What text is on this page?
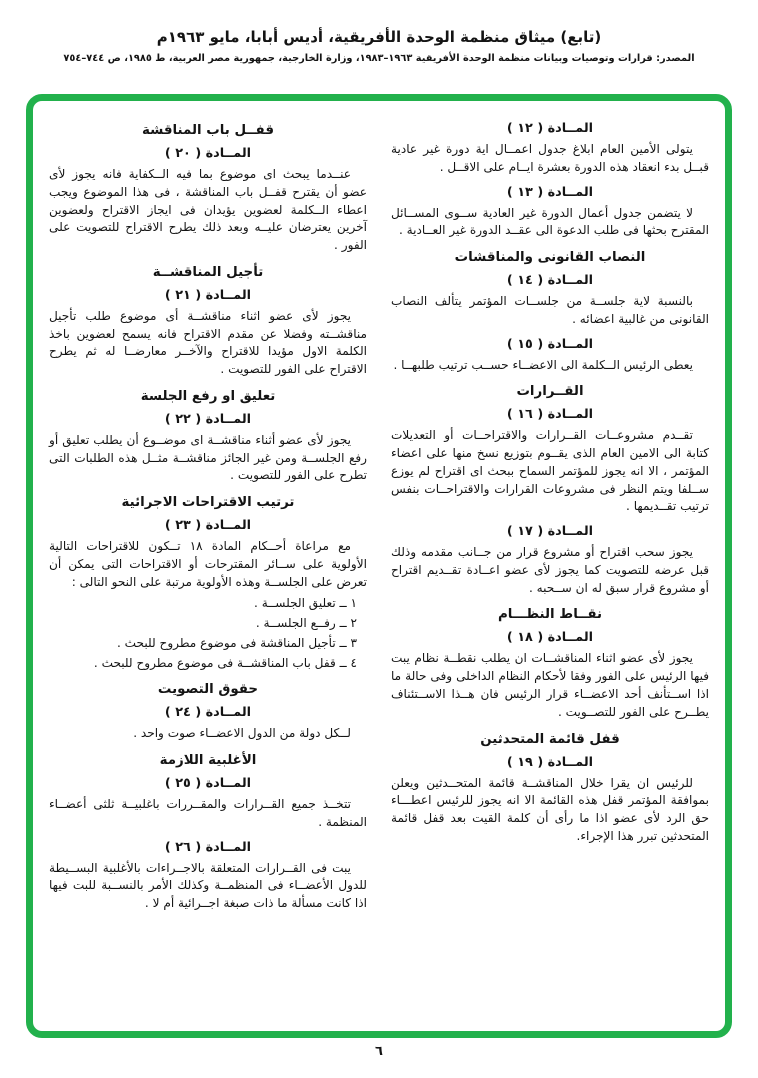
(تابع) ميثاق منظمة الوحدة الأفريقية، أديس أبابا، مايو ١٩٦٣م
المصدر: قرارات وتوصيات وبيانات منظمة الوحدة الأفريقية ١٩٦٣–١٩٨٣، وزارة الخارجية، جمهورية مصر العربية، ط ١٩٨٥، ص ٧٤٤–٧٥٤
المــادة ( ١٢ )
يتولى الأمين العام ابلاغ جدول اعمــال اية دورة غير عادية قبــل بدء انعقاد هذه الدورة بعشرة ايــام على الاقــل .
المــادة ( ١٣ )
لا يتضمن جدول أعمال الدورة غير العادية ســوى المســائل المقترح بحثها فى طلب الدعوة الى عقــد الدورة غير العــادية .
النصاب القانونى والمناقشات
المــادة ( ١٤ )
بالنسبة لاية جلســة من جلســات المؤتمر يتألف النصاب القانونى من غالبية اعضائه .
المــادة ( ١٥ )
يعطى الرئيس الــكلمة الى الاعضــاء حســب ترتيب طلبهــا .
القــرارات
المــادة ( ١٦ )
تقــدم مشروعــات القــرارات والاقتراحــات أو التعديلات كتابة الى الامين العام الذى يقــوم بتوزيع نسخ منها على اعضاء المؤتمر ، الا انه يجوز للمؤتمر السماح ببحث اى اقتراح لم يوزع ســلفا ويتم النظر فى مشروعات القرارات والاقتراحــات بنفس ترتيب تقــديمها .
المــادة ( ١٧ )
يجوز سحب اقتراح أو مشروع قرار من جــانب مقدمه وذلك قبل عرضه للتصويت كما يجوز لأى عضو اعــادة تقــديم اقتراح أو مشروع قرار سبق له ان ســحبه .
نقــاط النظـــام
المــادة ( ١٨ )
يجوز لأى عضو اثناء المناقشــات ان يطلب نقطــة نظام يبت فيها الرئيس على الفور وفقا لأحكام النظام الداخلى وفى حالة ما اذا اســتأنف أحد الاعضــاء قرار الرئيس فان هــذا الاســتئناف يطــرح على الفور للتصــويت .
قفل قائمة المتحدثين
المــادة ( ١٩ )
للرئيس ان يقرا خلال المناقشــة قائمة المتحــدثين ويعلن بموافقة المؤتمر قفل هذه القائمة الا انه يجوز للرئيس اعطـــاء حق الرد لأى عضو اذا ما رأى أن كلمة القيت بعد قفل قائمة المتحدثين تبرر هذا الإجراء.
قفــل باب المناقشة
المــادة ( ٢٠ )
عنــدما يبحث اى موضوع بما فيه الــكفاية فانه يجوز لأى عضو أن يقترح قفــل باب المناقشة ، فى هذا الموضوع ويجب اعطاء الــكلمة لعضوين يؤيدان فى ايجاز الاقتراح ولعضوين آخرين يعترضان عليــه وبعد ذلك يطرح الاقتراح للتصويت على الفور .
تأجيل المناقشــة
المــادة ( ٢١ )
يجوز لأى عضو اثناء مناقشــة أى موضوع طلب تأجيل مناقشــته وفضلا عن مقدم الاقتراح فانه يسمح لعضوين باخذ الكلمة الاول مؤيدا للاقتراح والآخــر معارضــا له ثم يطرح الاقتراح على الفور للتصويت .
تعليق او رفع الجلسة
المــادة ( ٢٢ )
يجوز لأى عضو أثناء مناقشــة اى موضــوع أن يطلب تعليق أو رفع الجلســة ومن غير الجائز مناقشــة مثــل هذه الطلبات التى تطرح على الفور للتصويت .
ترتيب الاقتراحات الاجرائية
المــادة ( ٢٣ )
مع مراعاة أحــكام المادة ١٨ تــكون للاقتراحات التالية الأولوية على ســائر المقترحات أو الاقتراحات التى يمكن أن تعرض على الجلســة وهذه الأولوية مرتبة على النحو التالى :
١ ــ تعليق الجلســة .
٢ ــ رفــع الجلســة .
٣ ــ تأجيل المناقشة فى موضوع مطروح للبحث .
٤ ــ قفل باب المناقشــة فى موضوع مطروح للبحث .
حقوق التصويت
المــادة ( ٢٤ )
لــكل دولة من الدول الاعضــاء صوت واحد .
الأغلبية اللازمة
المــادة ( ٢٥ )
تتخــذ جميع القــرارات والمقــررات باغلبيــة ثلثى أعضــاء المنظمة .
المــادة ( ٢٦ )
يبت فى القــرارات المتعلقة بالاجــراءات بالأغلبية البســيطة للدول الأعضــاء فى المنظمــة وكذلك الأمر بالنســبة للبت فيها اذا كانت مسألة ما ذات صبغة اجــرائية أم لا .
٦
